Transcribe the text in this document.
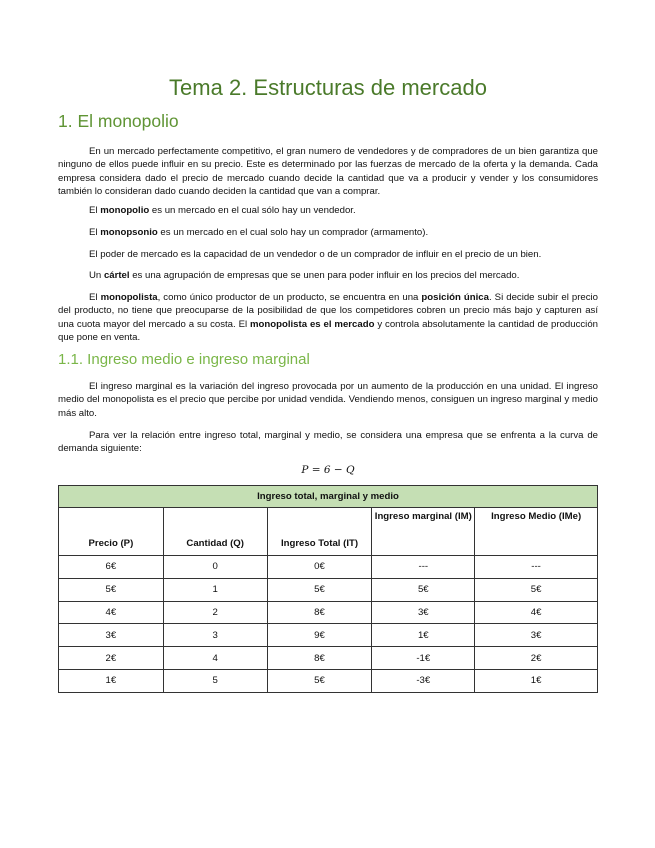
Tema 2. Estructuras de mercado
1. El monopolio

En un mercado perfectamente competitivo, el gran numero de vendedores y de compradores de un bien garantiza que ninguno de ellos puede influir en su precio. Este es determinado por las fuerzas de mercado de la oferta y la demanda. Cada empresa considera dado el precio de mercado cuando decide la cantidad que va a producir y vender y los consumidores también lo consideran dado cuando deciden la cantidad que van a comprar.

El monopolio es un mercado en el cual sólo hay un vendedor.

El monopsonio es un mercado en el cual solo hay un comprador (armamento).

El poder de mercado es la capacidad de un vendedor o de un comprador de influir en el precio de un bien.

Un cártel es una agrupación de empresas que se unen para poder influir en los precios del mercado.

El monopolista, como único productor de un producto, se encuentra en una posición única. Si decide subir el precio del producto, no tiene que preocuparse de la posibilidad de que los competidores cobren un precio más bajo y capturen así una cuota mayor del mercado a su costa. El monopolista es el mercado y controla absolutamente la cantidad de producción que pone en venta.

1.1. Ingreso medio e ingreso marginal

El ingreso marginal es la variación del ingreso provocada por un aumento de la producción en una unidad. El ingreso medio del monopolista es el precio que percibe por unidad vendida. Vendiendo menos, consiguen un ingreso marginal y medio más alto.

Para ver la relación entre ingreso total, marginal y medio, se considera una empresa que se enfrenta a la curva de demanda siguiente:

P = 6 − Q
Ingreso total, marginal y medio				
Precio (P)	Cantidad (Q)	Ingreso Total (IT)	Ingreso marginal (IM)	Ingreso Medio (IMe)
6€	0	0€	---	---
5€	1	5€	5€	5€
4€	2	8€	3€	4€
3€	3	9€	1€	3€
2€	4	8€	-1€	2€
1€	5	5€	-3€	1€
